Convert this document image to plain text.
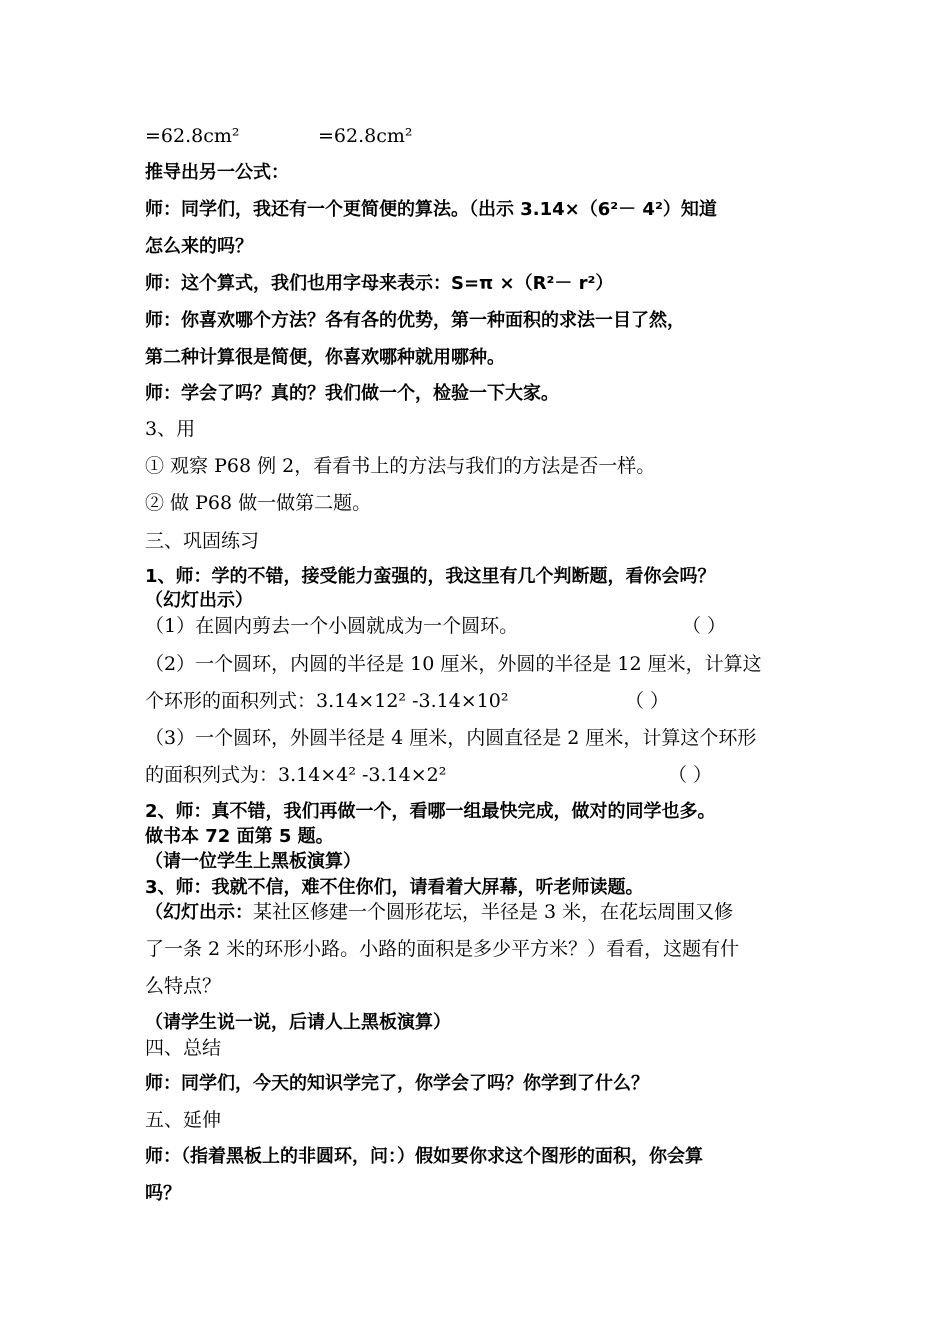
=62.8cm²	=62.8cm²
推导出另一公式：
师：同学们，我还有一个更简便的算法。（出示 3.14×（6²－ 4²）知道
怎么来的吗？
师：这个算式，我们也用字母来表示：S=π ×（R²－ r²）
师：你喜欢哪个方法？各有各的优势，第一种面积的求法一目了然，
第二种计算很是简便，你喜欢哪种就用哪种。
师：学会了吗？真的？我们做一个，检验一下大家。
3、用
① 观察 P68 例 2，看看书上的方法与我们的方法是否一样。
② 做 P68 做一做第二题。
三、巩固练习
1、师：学的不错，接受能力蛮强的，我这里有几个判断题，看你会吗？
（幻灯出示）
（1）在圆内剪去一个小圆就成为一个圆环。	（ ）
（2）一个圆环，内圆的半径是 10 厘米，外圆的半径是 12 厘米，计算这
个环形的面积列式：3.14×12² -3.14×10²	（ ）
（3）一个圆环，外圆半径是 4 厘米，内圆直径是 2 厘米，计算这个环形
的面积列式为：3.14×4² -3.14×2²	（ ）
2、师：真不错，我们再做一个，看哪一组最快完成，做对的同学也多。
做书本 72 面第 5 题。
（请一位学生上黑板演算）
3、师：我就不信，难不住你们，请看着大屏幕，听老师读题。
（幻灯出示：某社区修建一个圆形花坛，半径是 3 米，在花坛周围又修
了一条 2 米的环形小路。小路的面积是多少平方米？）看看，这题有什
么特点？
（请学生说一说，后请人上黑板演算）
四、总结
师：同学们，今天的知识学完了，你学会了吗？你学到了什么？
五、延伸
师：（指着黑板上的非圆环，问：）假如要你求这个图形的面积，你会算
吗？
